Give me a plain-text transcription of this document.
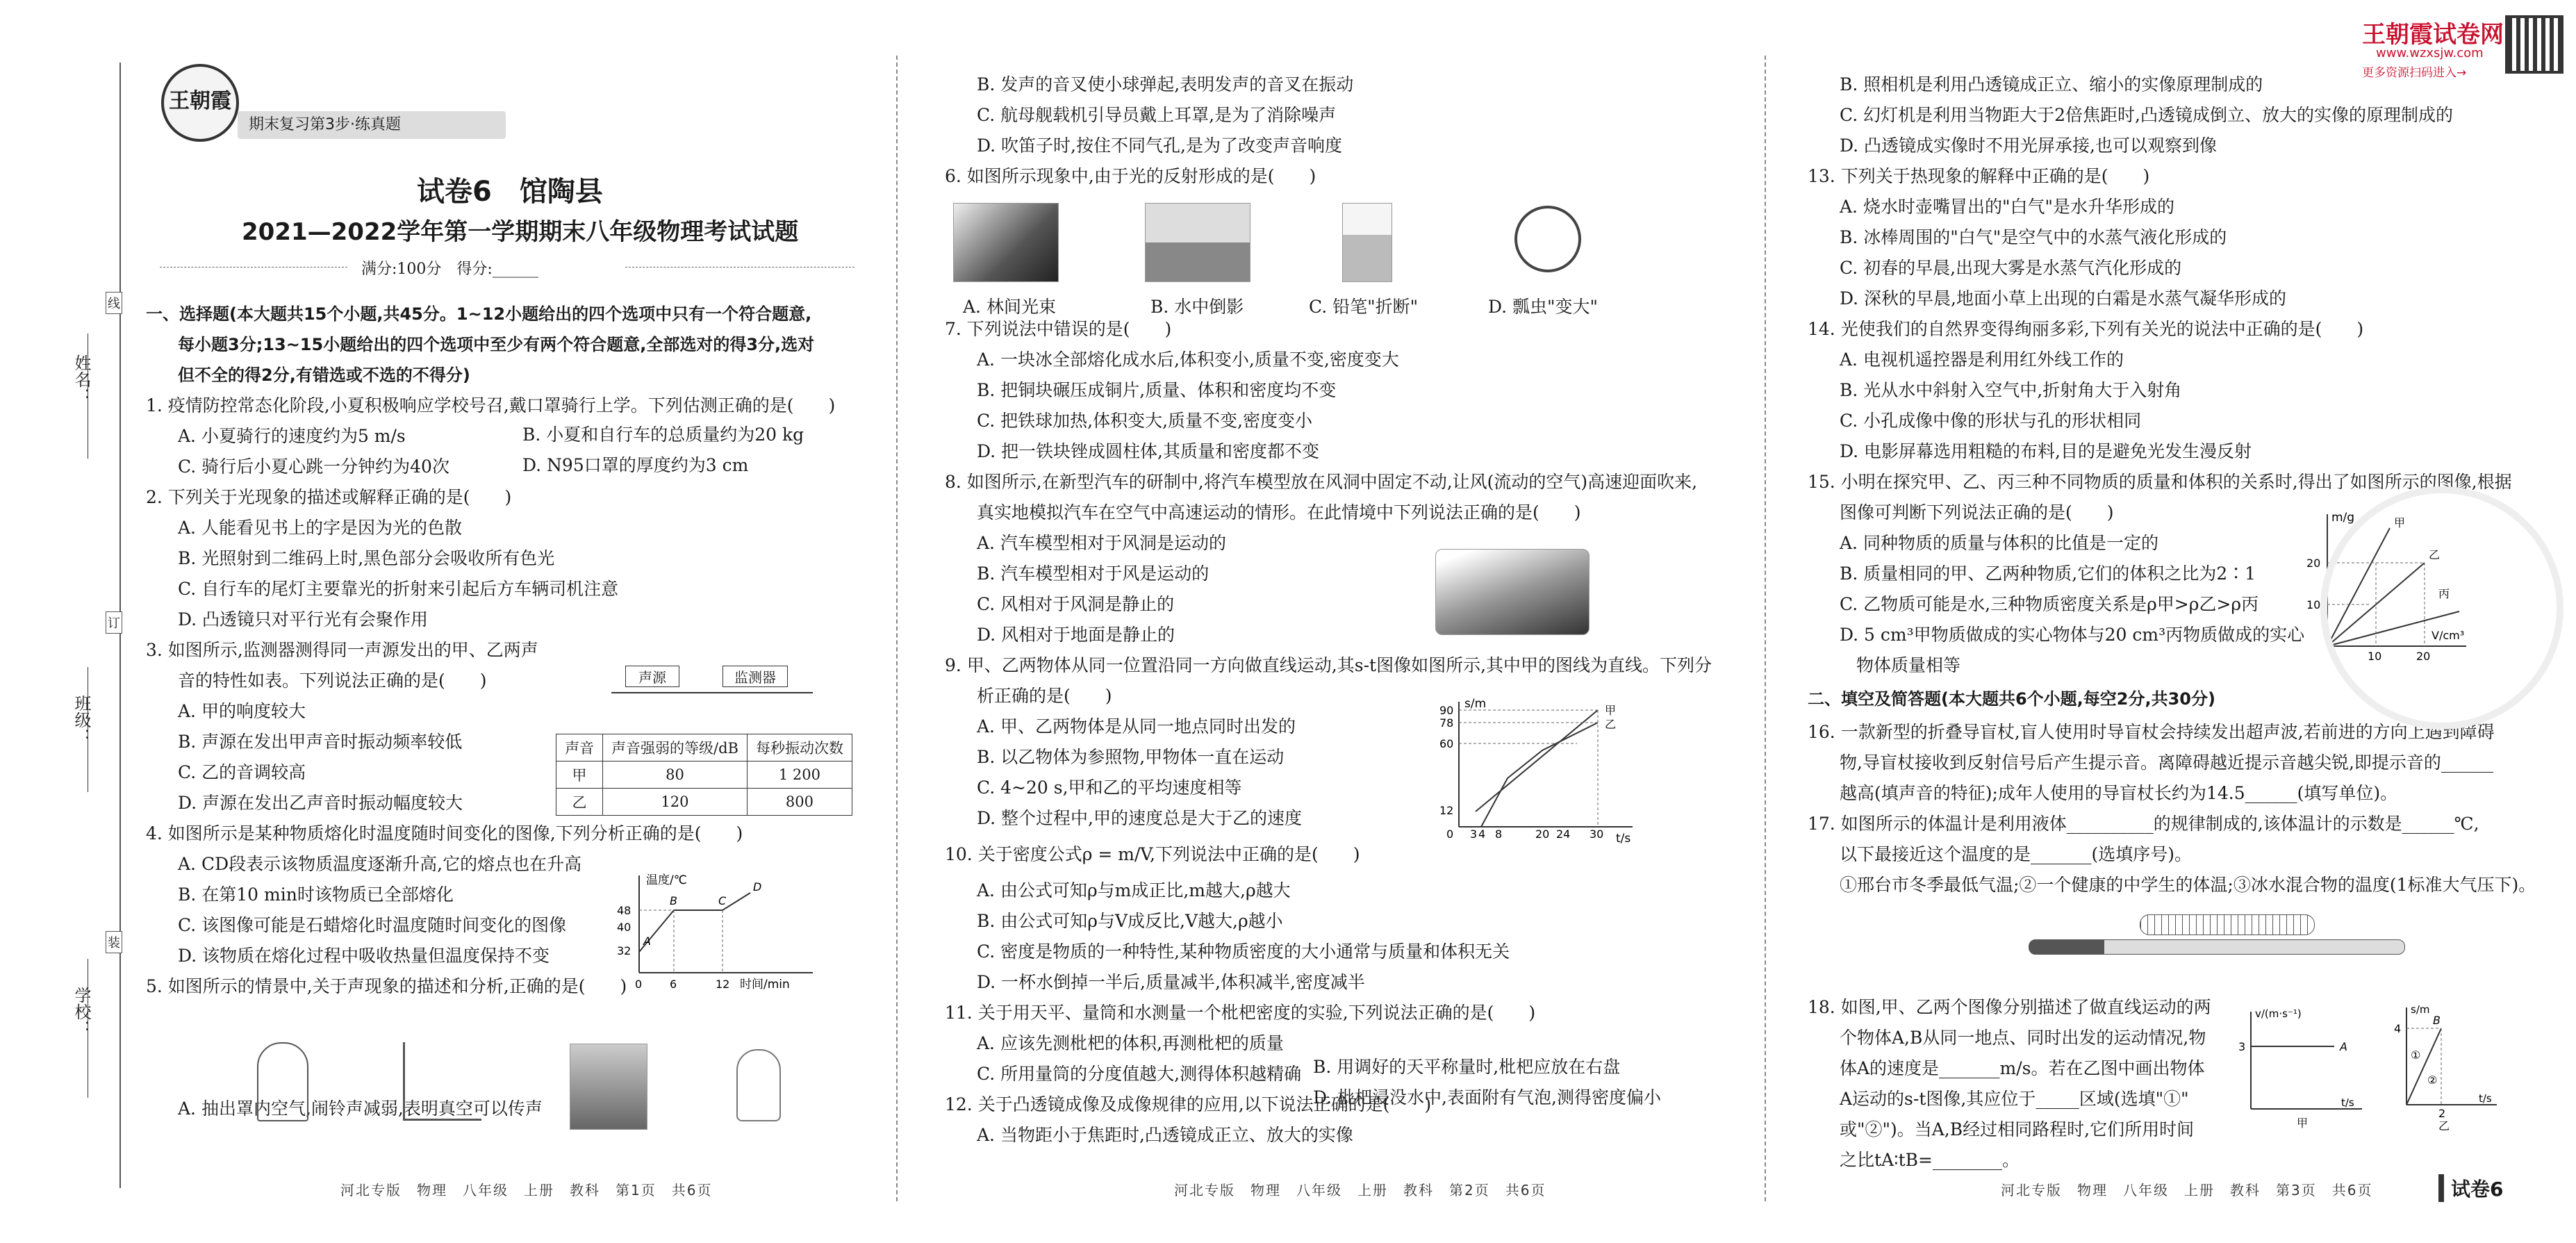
姓名：
班级：
学校：
线
订
装
王朝霞
期末复习第3步·练真题
试卷6　馆陶县
2021—2022学年第一学期期末八年级物理考试试题
满分:100分　得分:______
王朝霞试卷网
www.wzxsjw.com
更多资源扫码进入→

一、选择题(本大题共15个小题,共45分。1~12小题给出的四个选项中只有一个符合题意,

每小题3分;13~15小题给出的四个选项中至少有两个符合题意,全部选对的得3分,选对

但不全的得2分,有错选或不选的不得分)

1. 疫情防控常态化阶段,小夏积极响应学校号召,戴口罩骑行上学。下列估测正确的是(　　)

A. 小夏骑行的速度约为5 m/s

C. 骑行后小夏心跳一分钟约为40次

2. 下列关于光现象的描述或解释正确的是(　　)

A. 人能看见书上的字是因为光的色散

B. 光照射到二维码上时,黑色部分会吸收所有色光

C. 自行车的尾灯主要靠光的折射来引起后方车辆司机注意

D. 凸透镜只对平行光有会聚作用

3. 如图所示,监测器测得同一声源发出的甲、乙两声

音的特性如表。下列说法正确的是(　　)

A. 甲的响度较大

B. 声源在发出甲声音时振动频率较低

C. 乙的音调较高

D. 声源在发出乙声音时振动幅度较大

4. 如图所示是某种物质熔化时温度随时间变化的图像,下列分析正确的是(　　)

A. CD段表示该物质温度逐渐升高,它的熔点也在升高

B. 在第10 min时该物质已全部熔化

C. 该图像可能是石蜡熔化时温度随时间变化的图像

D. 该物质在熔化过程中吸收热量但温度保持不变

5. 如图所示的情景中,关于声现象的描述和分析,正确的是(　　)

A. 抽出罩内空气,闹铃声减弱,表明真空可以传声

B. 小夏和自行车的总质量约为20 kg
D. N95口罩的厚度约为3 cm
声源	监测器
声音	声音强弱的等级/dB	每秒振动次数
甲	80	1 200
乙	120	800
温度/℃
时间/min
48
40
32
0 6	12
A
B	C
D

B. 发声的音叉使小球弹起,表明发声的音叉在振动

C. 航母舰载机引导员戴上耳罩,是为了消除噪声

D. 吹笛子时,按住不同气孔,是为了改变声音响度

6. 如图所示现象中,由于光的反射形成的是(　　)

7. 下列说法中错误的是(　　)

A. 一块冰全部熔化成水后,体积变小,质量不变,密度变大

B. 把铜块碾压成铜片,质量、体积和密度均不变

C. 把铁球加热,体积变大,质量不变,密度变小

D. 把一铁块锉成圆柱体,其质量和密度都不变

8. 如图所示,在新型汽车的研制中,将汽车模型放在风洞中固定不动,让风(流动的空气)高速迎面吹来,

真实地模拟汽车在空气中高速运动的情形。在此情境中下列说法正确的是(　　)

A. 汽车模型相对于风洞是运动的

B. 汽车模型相对于风是运动的

C. 风相对于风洞是静止的

D. 风相对于地面是静止的

9. 甲、乙两物体从同一位置沿同一方向做直线运动,其s-t图像如图所示,其中甲的图线为直线。下列分

析正确的是(　　)

A. 甲、乙两物体是从同一地点同时出发的

B. 以乙物体为参照物,甲物体一直在运动

C. 4~20 s,甲和乙的平均速度相等

D. 整个过程中,甲的速度总是大于乙的速度

10. 关于密度公式ρ = m/V,下列说法中正确的是(　　)

A. 由公式可知ρ与m成正比,m越大,ρ越大

B. 由公式可知ρ与V成反比,V越大,ρ越小

C. 密度是物质的一种特性,某种物质密度的大小通常与质量和体积无关

D. 一杯水倒掉一半后,质量减半,体积减半,密度减半

11. 关于用天平、量筒和水测量一个枇杷密度的实验,下列说法正确的是(　　)

A. 应该先测枇杷的体积,再测枇杷的质量

C. 所用量筒的分度值越大,测得体积越精确

12. 关于凸透镜成像及成像规律的应用,以下说法正确的是(　　)

A. 当物距小于焦距时,凸透镜成正立、放大的实像

B. 用调好的天平称量时,枇杷应放在右盘
D. 枇杷浸没水中,表面附有气泡,测得密度偏小
A. 林间光束	B. 水中倒影	C. 铅笔"折断"	D. 瓢虫"变大"
s/m
t/s
90
78
60
12
0 3 4 8	20 24 30
甲
乙

B. 照相机是利用凸透镜成正立、缩小的实像原理制成的

C. 幻灯机是利用当物距大于2倍焦距时,凸透镜成倒立、放大的实像的原理制成的

D. 凸透镜成实像时不用光屏承接,也可以观察到像

13. 下列关于热现象的解释中正确的是(　　)

A. 烧水时壶嘴冒出的"白气"是水升华形成的

B. 冰棒周围的"白气"是空气中的水蒸气液化形成的

C. 初春的早晨,出现大雾是水蒸气汽化形成的

D. 深秋的早晨,地面小草上出现的白霜是水蒸气凝华形成的

14. 光使我们的自然界变得绚丽多彩,下列有关光的说法中正确的是(　　)

A. 电视机遥控器是利用红外线工作的

B. 光从水中斜射入空气中,折射角大于入射角

C. 小孔成像中像的形状与孔的形状相同

D. 电影屏幕选用粗糙的布料,目的是避免光发生漫反射

15. 小明在探究甲、乙、丙三种不同物质的质量和体积的关系时,得出了如图所示的图像,根据

图像可判断下列说法正确的是(　　)

A. 同种物质的质量与体积的比值是一定的

B. 质量相同的甲、乙两种物质,它们的体积之比为2∶1

C. 乙物质可能是水,三种物质密度关系是ρ甲>ρ乙>ρ丙

D. 5 cm³甲物质做成的实心物体与20 cm³丙物质做成的实心

物体质量相等

二、填空及简答题(本大题共6个小题,每空2分,共30分)

16. 一款新型的折叠导盲杖,盲人使用时导盲杖会持续发出超声波,若前进的方向上遇到障碍

物,导盲杖接收到反射信号后产生提示音。离障碍越近提示音越尖锐,即提示音的______

越高(填声音的特征);成年人使用的导盲杖长约为14.5______(填写单位)。

17. 如图所示的体温计是利用液体__________的规律制成的,该体温计的示数是______℃,

以下最接近这个温度的是_______(选填序号)。

①邢台市冬季最低气温;②一个健康的中学生的体温;③冰水混合物的温度(1标准大气压下)。

18. 如图,甲、乙两个图像分别描述了做直线运动的两

个物体A,B从同一地点、同时出发的运动情况,物

体A的速度是_______m/s。若在乙图中画出物体

A运动的s-t图像,其应位于_____区域(选填"①"

或"②")。当A,B经过相同路程时,它们所用时间

之比tA∶tB=________。

m/g
V/cm³
20
10
10	20
甲
乙
丙
v/(m·s⁻¹)
t/s
3	A
甲
s/m
t/s
4
2
B
①
②
乙
河北专版　物理　八年级　上册　教科　第1页　共6页	河北专版　物理　八年级　上册　教科　第2页　共6页	河北专版　物理　八年级　上册　教科　第3页　共6页	试卷6
